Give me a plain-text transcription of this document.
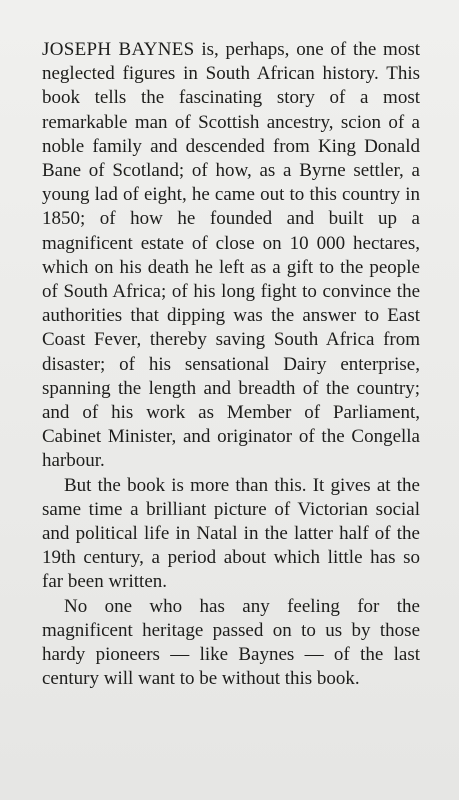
JOSEPH BAYNES is, perhaps, one of the most neglected figures in South African history. This book tells the fascinating story of a most remarkable man of Scottish ancestry, scion of a noble family and descended from King Donald Bane of Scotland; of how, as a Byrne settler, a young lad of eight, he came out to this country in 1850; of how he founded and built up a magnificent estate of close on 10 000 hectares, which on his death he left as a gift to the people of South Africa; of his long fight to convince the authorities that dipping was the answer to East Coast Fever, thereby saving South Africa from disaster; of his sensational Dairy enterprise, spanning the length and breadth of the country; and of his work as Member of Parliament, Cabinet Minister, and originator of the Congella harbour.

But the book is more than this. It gives at the same time a brilliant picture of Victorian social and political life in Natal in the latter half of the 19th century, a period about which little has so far been written.

No one who has any feeling for the magnificent heritage passed on to us by those hardy pioneers — like Baynes — of the last century will want to be without this book.
